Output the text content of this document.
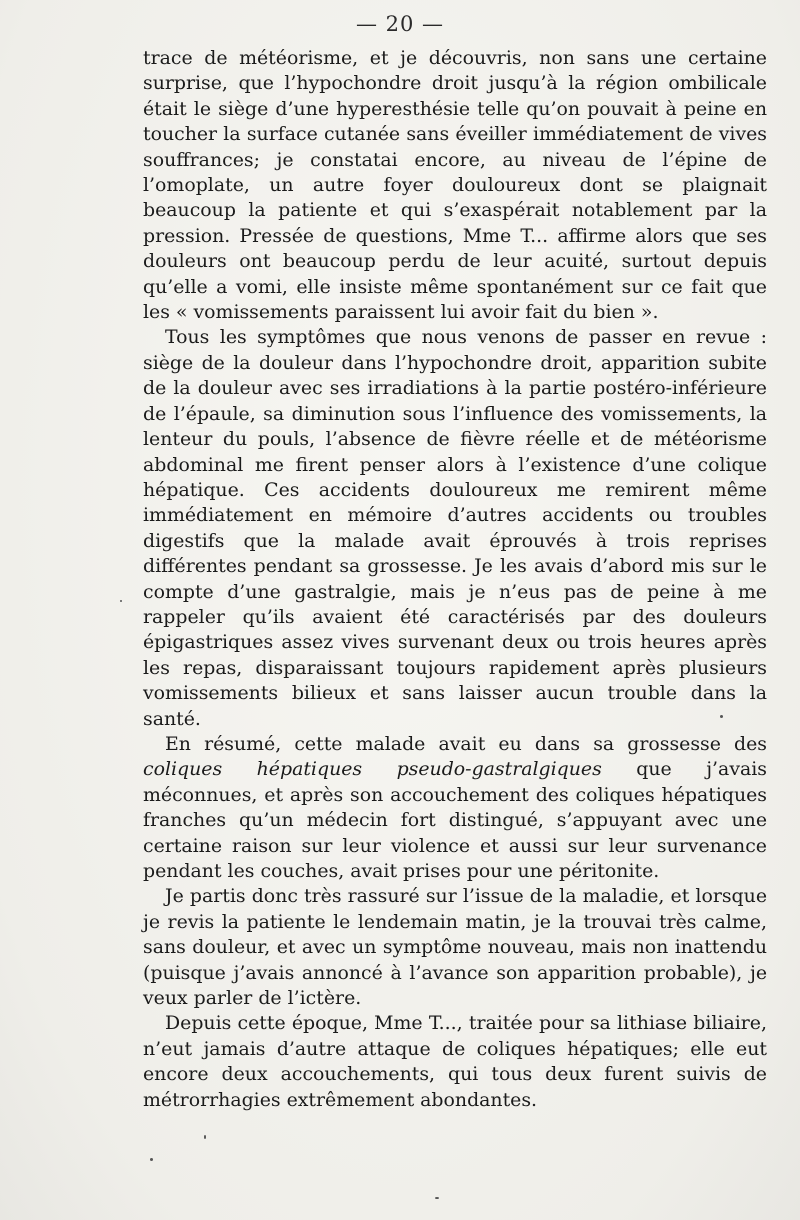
— 20 —

trace de météorisme, et je découvris, non sans une certaine surprise, que l’hypochondre droit jusqu’à la région ombilicale était le siège d’une hyperesthésie telle qu’on pouvait à peine en toucher la surface cutanée sans éveiller immédiatement de vives souffrances; je constatai encore, au niveau de l’épine de l’omoplate, un autre foyer douloureux dont se plaignait beaucoup la patiente et qui s’exaspérait notablement par la pression. Pressée de questions, Mme T... affirme alors que ses douleurs ont beaucoup perdu de leur acuité, surtout depuis qu’elle a vomi, elle insiste même spontanément sur ce fait que les « vomissements paraissent lui avoir fait du bien ».

Tous les symptômes que nous venons de passer en revue : siège de la douleur dans l’hypochondre droit, apparition subite de la douleur avec ses irradiations à la partie postéro-inférieure de l’épaule, sa diminution sous l’influence des vomissements, la lenteur du pouls, l’absence de fièvre réelle et de météorisme abdominal me firent penser alors à l’existence d’une colique hépatique. Ces accidents douloureux me remirent même immédiatement en mémoire d’autres accidents ou troubles digestifs que la malade avait éprouvés à trois reprises différentes pendant sa grossesse. Je les avais d’abord mis sur le compte d’une gastralgie, mais je n’eus pas de peine à me rappeler qu’ils avaient été caractérisés par des douleurs épigastriques assez vives survenant deux ou trois heures après les repas, disparaissant toujours rapidement après plusieurs vomissements bilieux et sans laisser aucun trouble dans la santé.

En résumé, cette malade avait eu dans sa grossesse des coliques hépatiques pseudo-gastralgiques que j’avais méconnues, et après son accouchement des coliques hépatiques franches qu’un médecin fort distingué, s’appuyant avec une certaine raison sur leur violence et aussi sur leur survenance pendant les couches, avait prises pour une péritonite.

Je partis donc très rassuré sur l’issue de la maladie, et lorsque je revis la patiente le lendemain matin, je la trouvai très calme, sans douleur, et avec un symptôme nouveau, mais non inattendu (puisque j’avais annoncé à l’avance son apparition probable), je veux parler de l’ictère.

Depuis cette époque, Mme T..., traitée pour sa lithiase biliaire, n’eut jamais d’autre attaque de coliques hépatiques; elle eut encore deux accouchements, qui tous deux furent suivis de métrorrhagies extrêmement abondantes.
